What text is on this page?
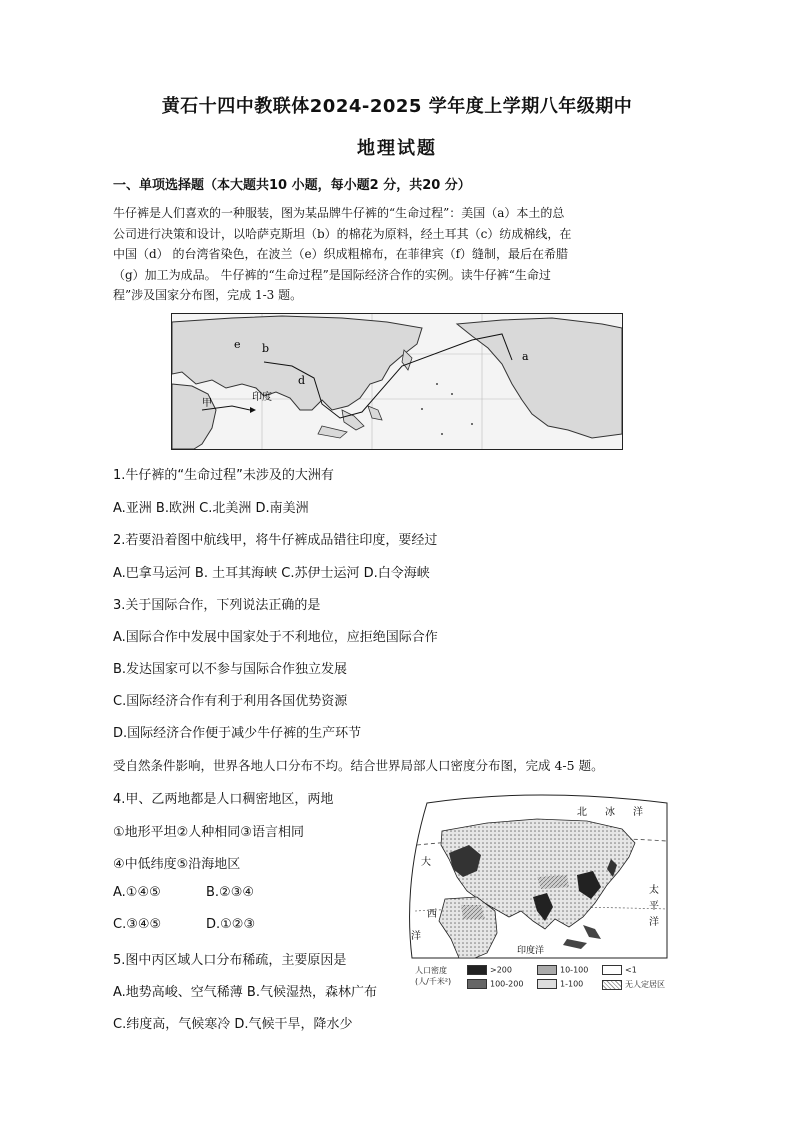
黄石十四中教联体2024-2025 学年度上学期八年级期中
地理试题
一、单项选择题（本大题共10 小题，每小题2 分，共20 分）
牛仔裤是人们喜欢的一种服装，图为某品牌牛仔裤的“生命过程”：美国（a）本土的总
公司进行决策和设计，以哈萨克斯坦（b）的棉花为原料，经土耳其（c）纺成棉线，在
中国（d） 的台湾省染色，在波兰（e）织成粗棉布，在菲律宾（f）缝制，最后在希腊
（g）加工为成品。 牛仔裤的“生命过程”是国际经济合作的实例。读牛仔裤“生命过
程”涉及国家分布图，完成 1-3 题。
b
d
e
a
印度
甲
1.牛仔裤的“生命过程”未涉及的大洲有
A.亚洲 B.欧洲 C.北美洲 D.南美洲
2.若要沿着图中航线甲，将牛仔裤成品错往印度，要经过
A.巴拿马运河 B. 土耳其海峡 C.苏伊士运河 D.白令海峡
3.关于国际合作，下列说法正确的是
A.国际合作中发展中国家处于不利地位，应拒绝国际合作
B.发达国家可以不参与国际合作独立发展
C.国际经济合作有利于利用各国优势资源
D.国际经济合作便于减少牛仔裤的生产环节
受自然条件影响，世界各地人口分布不均。结合世界局部人口密度分布图，完成 4-5 题。
4.甲、乙两地都是人口稠密地区，两地
①地形平坦②人种相同③语言相同
④中低纬度⑤沿海地区
A.①④⑤	B.②③④
C.③④⑤	D.①②③
5.图中丙区域人口分布稀疏，主要原因是
A.地势高峻、空气稀薄 B.气候湿热，森林广布
C.纬度高，气候寒冷 D.气候干旱，降水少
北 冰 洋
大
西
洋
太
平
洋
印度洋
人口密度
(人/千米²)
>200	10-100	<1
100-200	1-100	无人定居区
